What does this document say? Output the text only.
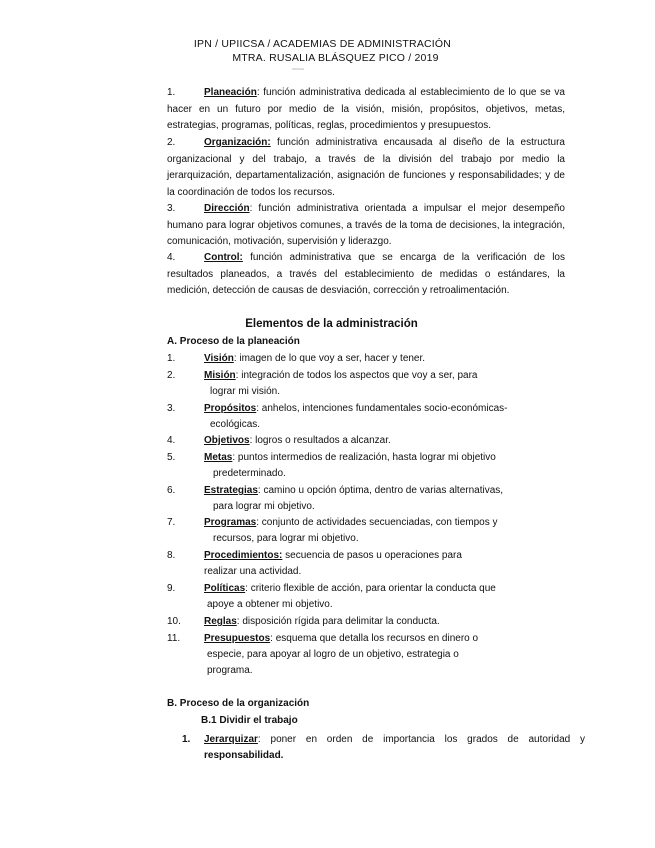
IPN / UPIICSA / ACADEMIAS DE ADMINISTRACIÓN
MTRA. RUSALIA BLÁSQUEZ PICO / 2019
UPIICSA
Planeación: función administrativa dedicada al establecimiento de lo que se va hacer en un futuro por medio de la visión, misión, propósitos, objetivos, metas, estrategias, programas, políticas, reglas, procedimientos y presupuestos.
1.
Organización: función administrativa encausada al diseño de la estructura organizacional y del trabajo, a través de la división del trabajo por medio la jerarquización, departamentalización, asignación de funciones y responsabilidades; y de la coordinación de todos los recursos.
2.
Dirección: función administrativa orientada a impulsar el mejor desempeño humano para lograr objetivos comunes, a través de la toma de decisiones, la integración, comunicación, motivación, supervisión y liderazgo.
3.
Control: función administrativa que se encarga de la verificación de los resultados planeados, a través del establecimiento de medidas o estándares, la medición, detección de causas de desviación, corrección y retroalimentación.
4.
Elementos de la administración
A. Proceso de la planeación
1.	Visión: imagen de lo que voy a ser, hacer y tener.
2.	Misión: integración de todos los aspectos que voy a ser, para
lograr mi visión.
3.	Propósitos: anhelos, intenciones fundamentales socio-económicas-
ecológicas.
4.	Objetivos: logros o resultados a alcanzar.
5.	Metas: puntos intermedios de realización, hasta lograr mi objetivo
predeterminado.
6.	Estrategias: camino u opción óptima, dentro de varias alternativas,
para lograr mi objetivo.
7.	Programas: conjunto de actividades secuenciadas, con tiempos y
recursos, para lograr mi objetivo.
8.	Procedimientos: secuencia de pasos u operaciones para
realizar una actividad.
9.	Políticas: criterio flexible de acción, para orientar la conducta que
apoye a obtener mi objetivo.
10. Reglas: disposición rígida para delimitar la conducta.
11. Presupuestos: esquema que detalla los recursos en dinero o
especie, para apoyar al logro de un objetivo, estrategia o
programa.
B. Proceso de la organización
B.1 Dividir el trabajo
1. Jerarquizar: poner en orden de importancia los grados de autoridad y
responsabilidad.
